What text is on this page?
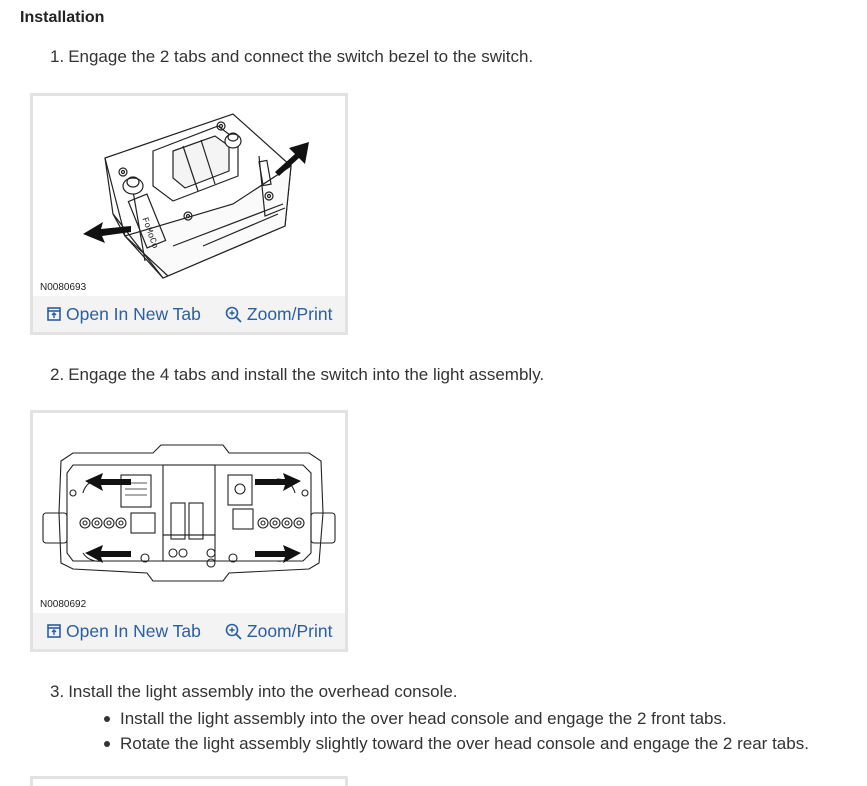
Installation
1. Engage the 2 tabs and connect the switch bezel to the switch.
FoMoCo
N0080693
Open In New Tab	Zoom/Print
2. Engage the 4 tabs and install the switch into the light assembly.
N0080692
Open In New Tab	Zoom/Print
3. Install the light assembly into the overhead console.
Install the light assembly into the over head console and engage the 2 front tabs.
Rotate the light assembly slightly toward the over head console and engage the 2 rear tabs.
